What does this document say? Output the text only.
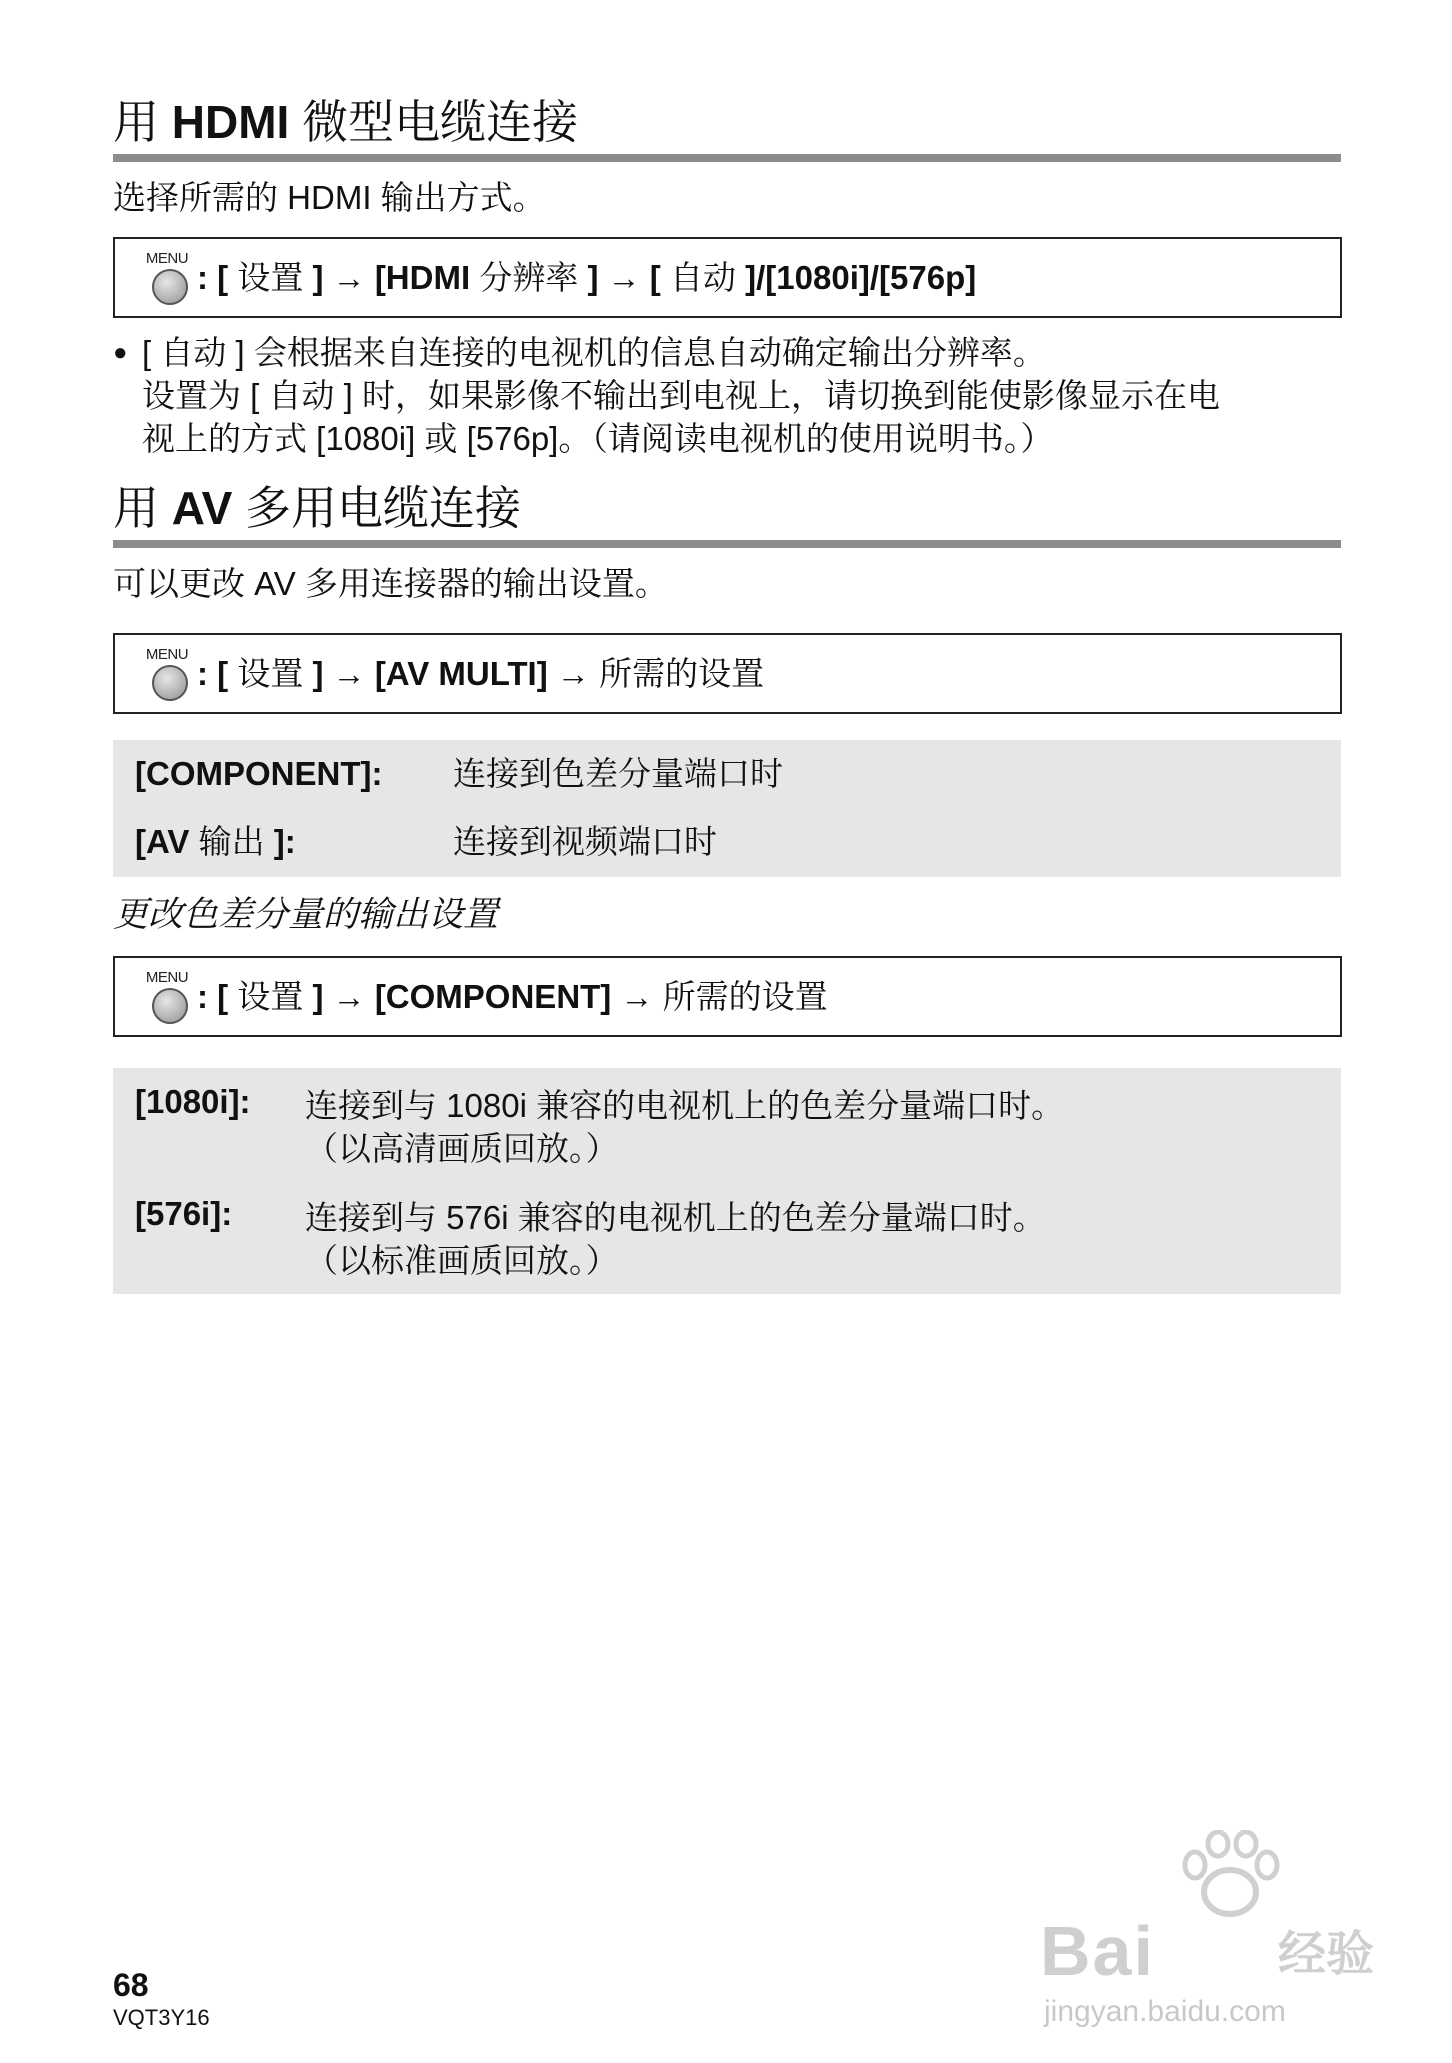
用 HDMI 微型电缆连接
选择所需的 HDMI 输出方式。
MENU
: [ 设置 ] → [HDMI 分辨率 ] → [ 自动 ]/[1080i]/[576p]
● [ 自动 ] 会根据来自连接的电视机的信息自动确定输出分辨率。
设置为 [ 自动 ] 时，如果影像不输出到电视上，请切换到能使影像显示在电
视上的方式 [1080i] 或 [576p]。（请阅读电视机的使用说明书。）
用 AV 多用电缆连接
可以更改 AV 多用连接器的输出设置。
MENU
: [ 设置 ] → [AV MULTI] → 所需的设置
[COMPONENT]: 连接到色差分量端口时
[AV 输出 ]:	连接到视频端口时
更改色差分量的输出设置
MENU
: [ 设置 ] → [COMPONENT] → 所需的设置
[1080i]: 连接到与 1080i 兼容的电视机上的色差分量端口时。
（以高清画质回放。）
[576i]: 连接到与 576i 兼容的电视机上的色差分量端口时。
（以标准画质回放。）
68
VQT3Y16
Bai	经验
jingyan.baidu.com
